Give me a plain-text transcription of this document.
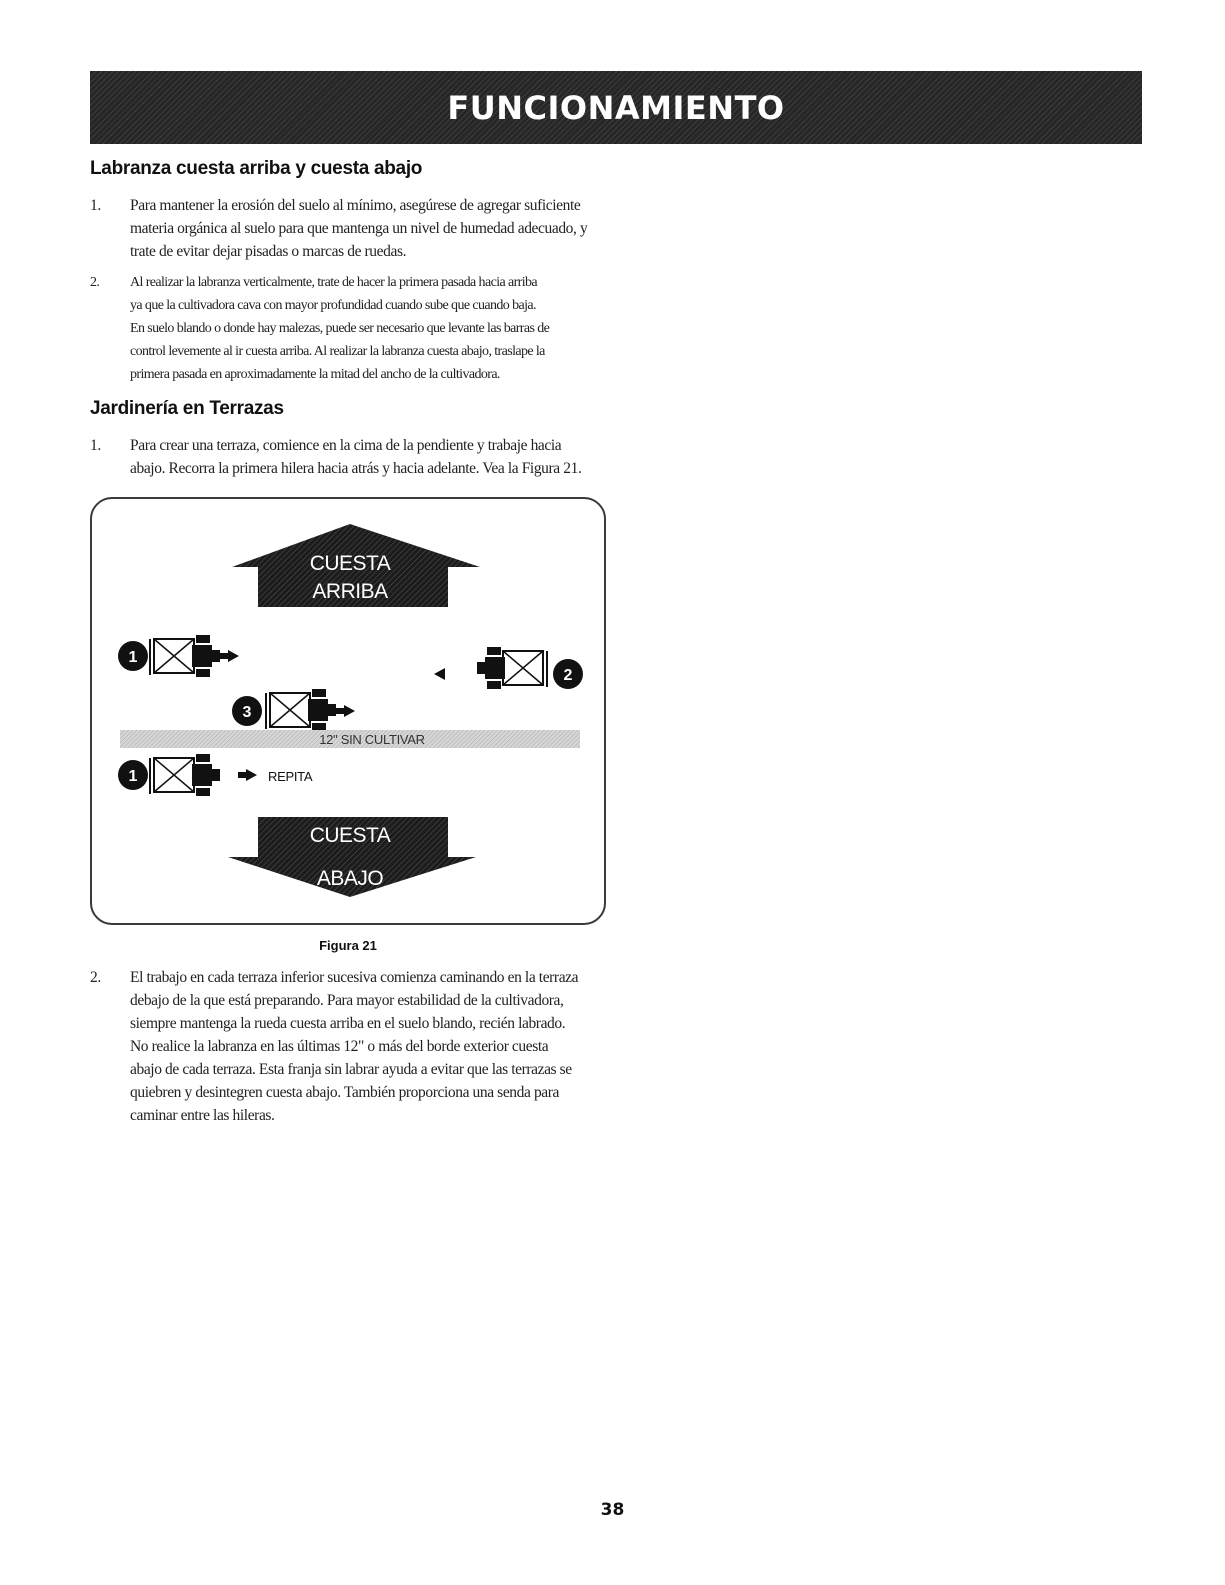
FUNCIONAMIENTO
Labranza cuesta arriba y cuesta abajo
1.	Para mantener la erosión del suelo al mínimo, asegúrese de agregar suficiente
materia orgánica al suelo para que mantenga un nivel de humedad adecuado, y
trate de evitar dejar pisadas o marcas de ruedas.
2.	Al realizar la labranza verticalmente, trate de hacer la primera pasada hacia arriba
ya que la cultivadora cava con mayor profundidad cuando sube que cuando baja.
En suelo blando o donde hay malezas, puede ser necesario que levante las barras de
control levemente al ir cuesta arriba. Al realizar la labranza cuesta abajo, traslape la
primera pasada en aproximadamente la mitad del ancho de la cultivadora.
Jardinería en Terrazas
1.	Para crear una terraza, comience en la cima de la pendiente y trabaje hacia
abajo. Recorra la primera hilera hacia atrás y hacia adelante. Vea la Figura 21.
CUESTA
ARRIBA
1
2
3
12" SIN CULTIVAR
1	REPITA
CUESTA
ABAJO
Figura 21
2.	El trabajo en cada terraza inferior sucesiva comienza caminando en la terraza
debajo de la que está preparando. Para mayor estabilidad de la cultivadora,
siempre mantenga la rueda cuesta arriba en el suelo blando, recién labrado.
No realice la labranza en las últimas 12" o más del borde exterior cuesta
abajo de cada terraza. Esta franja sin labrar ayuda a evitar que las terrazas se
quiebren y desintegren cuesta abajo. También proporciona una senda para
caminar entre las hileras.
38
